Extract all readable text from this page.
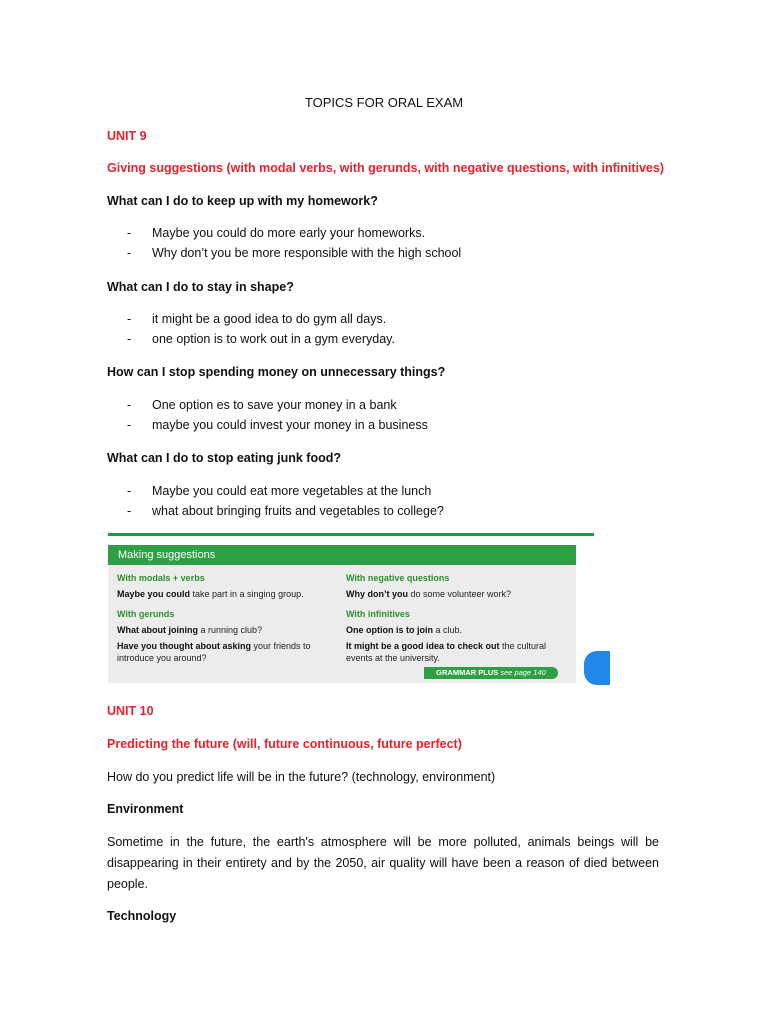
TOPICS FOR ORAL EXAM

UNIT 9

Giving suggestions (with modal verbs, with gerunds, with negative questions, with infinitives)

What can I do to keep up with my homework?

- Maybe you could do more early your homeworks.
- Why don’t you be more responsible with the high school

What can I do to stay in shape?

- it might be a good idea to do gym all days.
- one option is to work out in a gym everyday.

How can I stop spending money on unnecessary things?

- One option es to save your money in a bank
- maybe you could invest your money in a business

What can I do to stop eating junk food?

- Maybe you could eat more vegetables at the lunch
- what about bringing fruits and vegetables to college?
Making suggestions
With modals + verbs
Maybe you could take part in a singing group.
With gerunds
What about joining a running club?
Have you thought about asking your friends to
introduce you around?
With negative questions
Why don’t you do some volunteer work?
With infinitives
One option is to join a club.
It might be a good idea to check out the cultural
events at the university.
GRAMMAR PLUS see page 140

UNIT 10

Predicting the future (will, future continuous, future perfect)

How do you predict life will be in the future? (technology, environment)

Environment

Sometime in the future, the earth's atmosphere will be more polluted, animals beings will be disappearing in their entirety and by the 2050, air quality will have been a reason of died between people.

Technology
